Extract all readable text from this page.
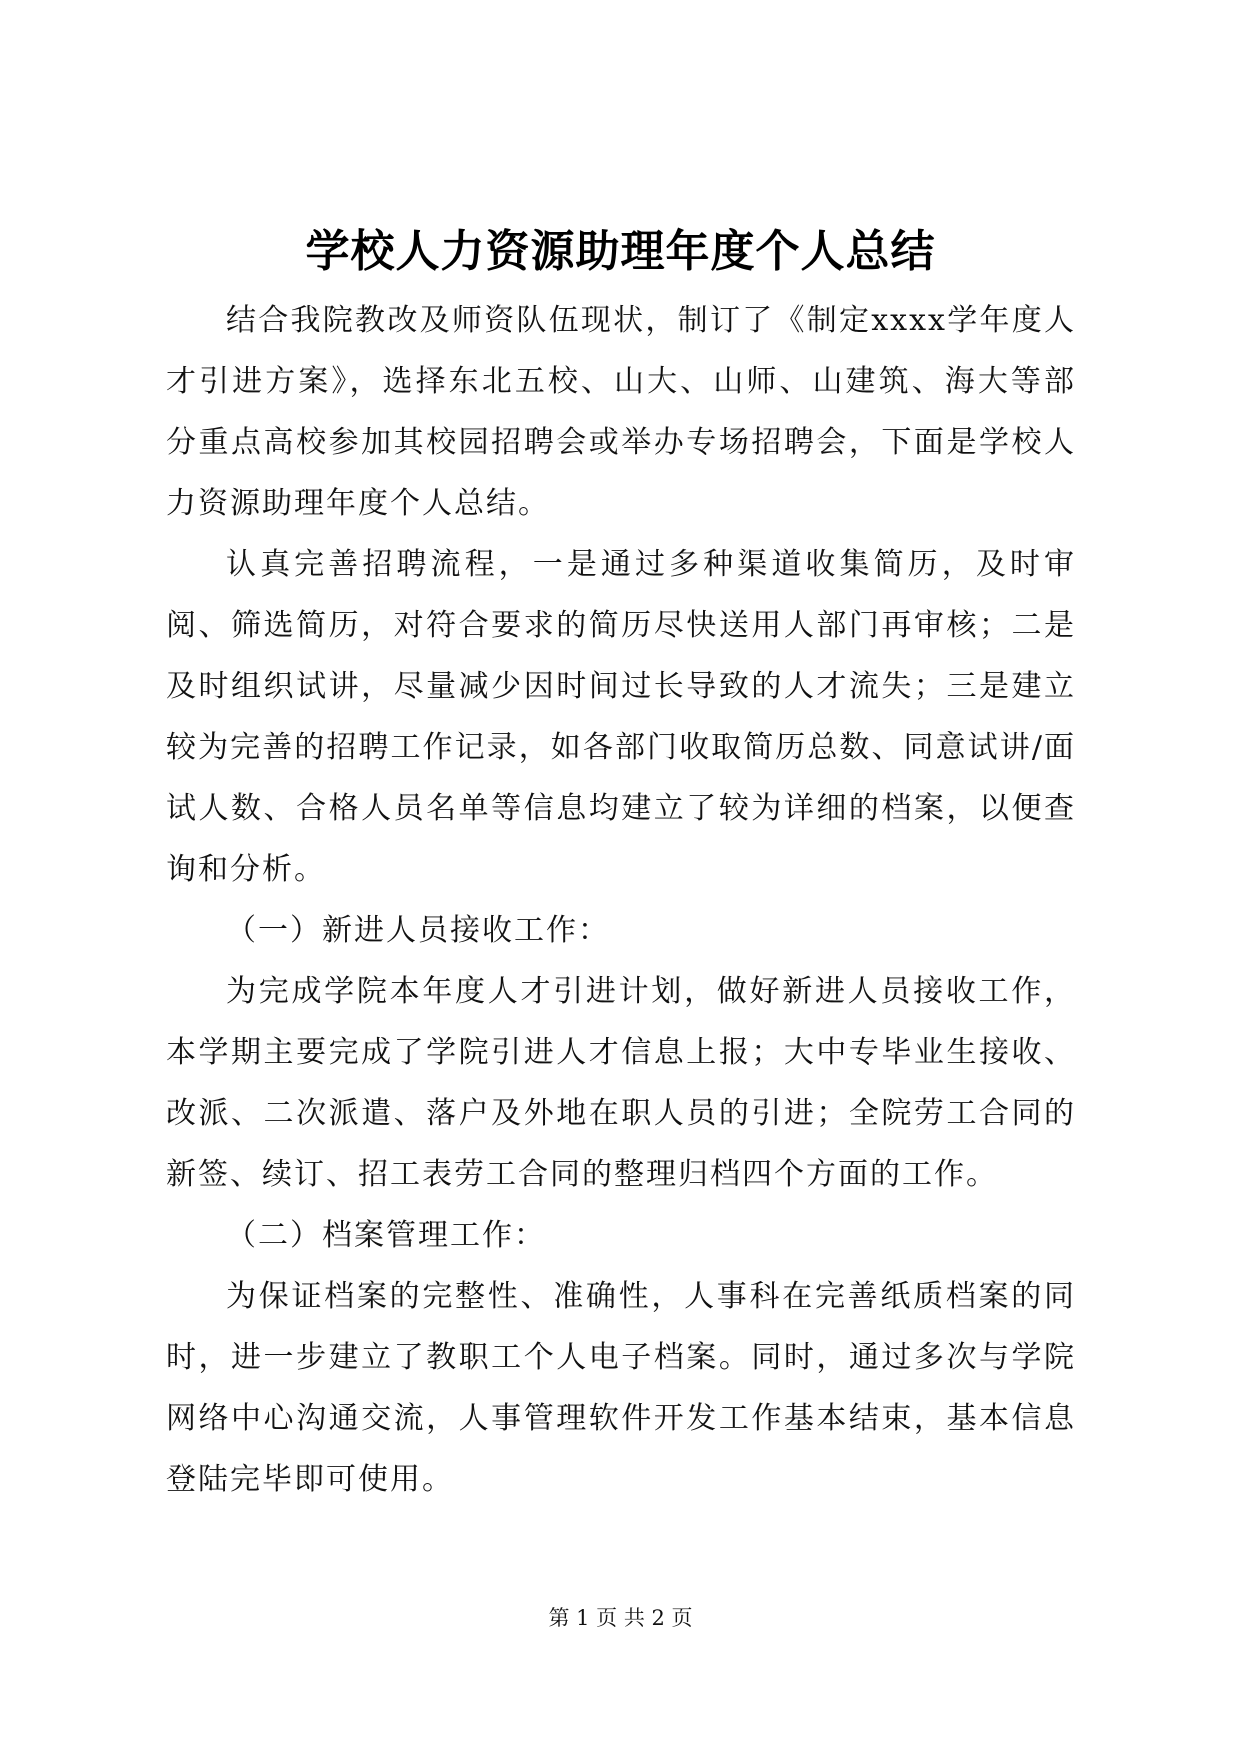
学校人力资源助理年度个人总结

结合我院教改及师资队伍现状，制订了《制定xxxx学年度人才引进方案》，选择东北五校、山大、山师、山建筑、海大等部分重点高校参加其校园招聘会或举办专场招聘会，下面是学校人力资源助理年度个人总结。

认真完善招聘流程，一是通过多种渠道收集简历，及时审阅、筛选简历，对符合要求的简历尽快送用人部门再审核；二是及时组织试讲，尽量减少因时间过长导致的人才流失；三是建立较为完善的招聘工作记录，如各部门收取简历总数、同意试讲/面试人数、合格人员名单等信息均建立了较为详细的档案，以便查询和分析。

（一）新进人员接收工作：

为完成学院本年度人才引进计划，做好新进人员接收工作，本学期主要完成了学院引进人才信息上报；大中专毕业生接收、改派、二次派遣、落户及外地在职人员的引进；全院劳工合同的新签、续订、招工表劳工合同的整理归档四个方面的工作。

（二）档案管理工作：

为保证档案的完整性、准确性，人事科在完善纸质档案的同时，进一步建立了教职工个人电子档案。同时，通过多次与学院网络中心沟通交流，人事管理软件开发工作基本结束，基本信息登陆完毕即可使用。

第 1 页 共 2 页
